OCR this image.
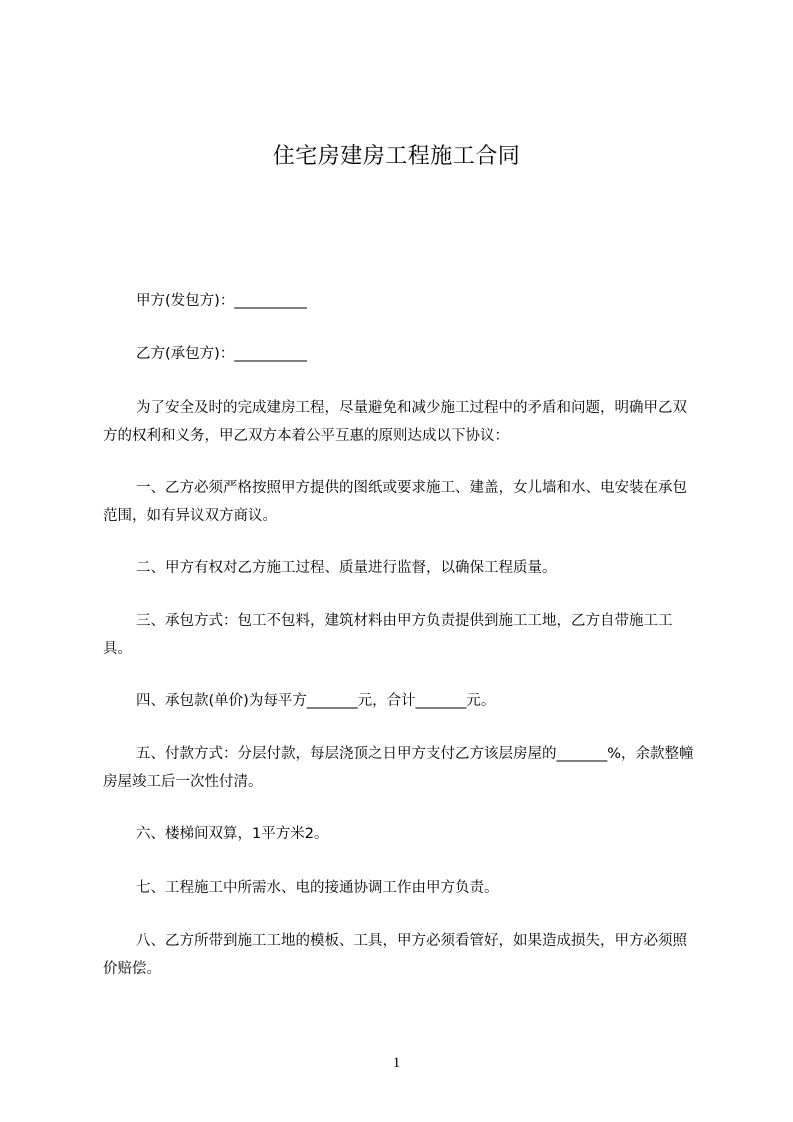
住宅房建房工程施工合同
甲方(发包方)：__________
乙方(承包方)：__________
为了安全及时的完成建房工程，尽量避免和减少施工过程中的矛盾和问题，明确甲乙双方的权利和义务，甲乙双方本着公平互惠的原则达成以下协议：
一、乙方必须严格按照甲方提供的图纸或要求施工、建盖，女儿墙和水、电安装在承包范围，如有异议双方商议。
二、甲方有权对乙方施工过程、质量进行监督，以确保工程质量。
三、承包方式：包工不包料，建筑材料由甲方负责提供到施工工地，乙方自带施工工具。
四、承包款(单价)为每平方_______元，合计_______元。
五、付款方式：分层付款，每层浇顶之日甲方支付乙方该层房屋的_______%，余款整幢房屋竣工后一次性付清。
六、楼梯间双算，1平方米2。
七、工程施工中所需水、电的接通协调工作由甲方负责。
八、乙方所带到施工工地的模板、工具，甲方必须看管好，如果造成损失，甲方必须照价赔偿。
1
